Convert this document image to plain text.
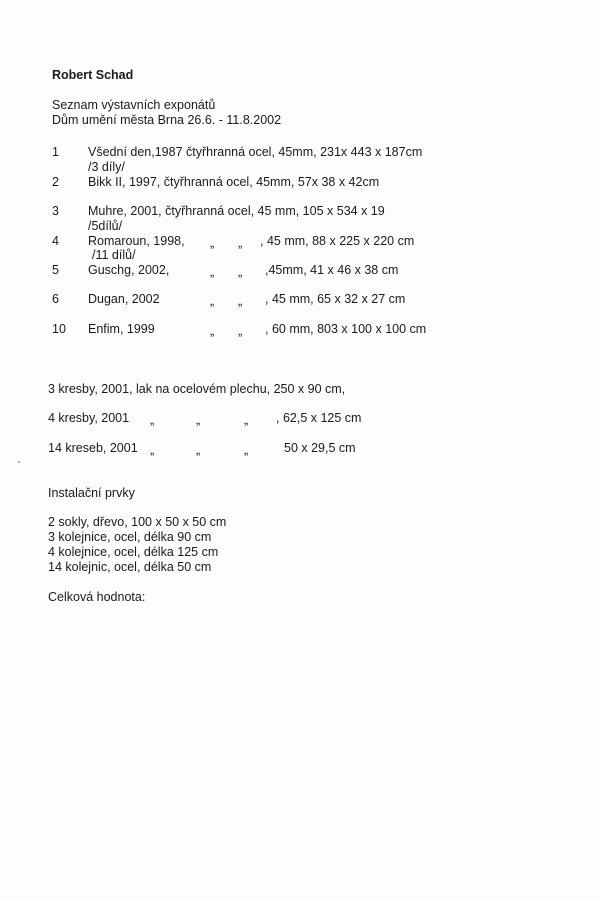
Robert Schad
Seznam výstavních exponátů
Dům umění města Brna 26.6. - 11.8.2002
1 Všední den,1987 čtyřhranná ocel, 45mm, 231x 443 x 187cm
/3 díly/
2 Bikk II, 1997, čtyřhranná ocel, 45mm, 57x 38 x 42cm
3 Muhre, 2001, čtyřhranná ocel, 45 mm, 105 x 534 x 19
/5dílů/
4 Romaroun, 1998, „ „ , 45 mm, 88 x 225 x 220 cm
/11 dílů/
5 Guschg, 2002,	„ „ ,45mm, 41 x 46 x 38 cm
6 Dugan, 2002	„ „ , 45 mm, 65 x 32 x 27 cm
10 Enfim, 1999	„ „ , 60 mm, 803 x 100 x 100 cm
3 kresby, 2001, lak na ocelovém plechu, 250 x 90 cm,
4 kresby, 2001 „	„	„ , 62,5 x 125 cm
14 kreseb, 2001 „	„	„	50 x 29,5 cm
Instalační prvky
2 sokly, dřevo, 100 x 50 x 50 cm
3 kolejnice, ocel, délka 90 cm
4 kolejnice, ocel, délka 125 cm
14 kolejnic, ocel, délka 50 cm
Celková hodnota:
